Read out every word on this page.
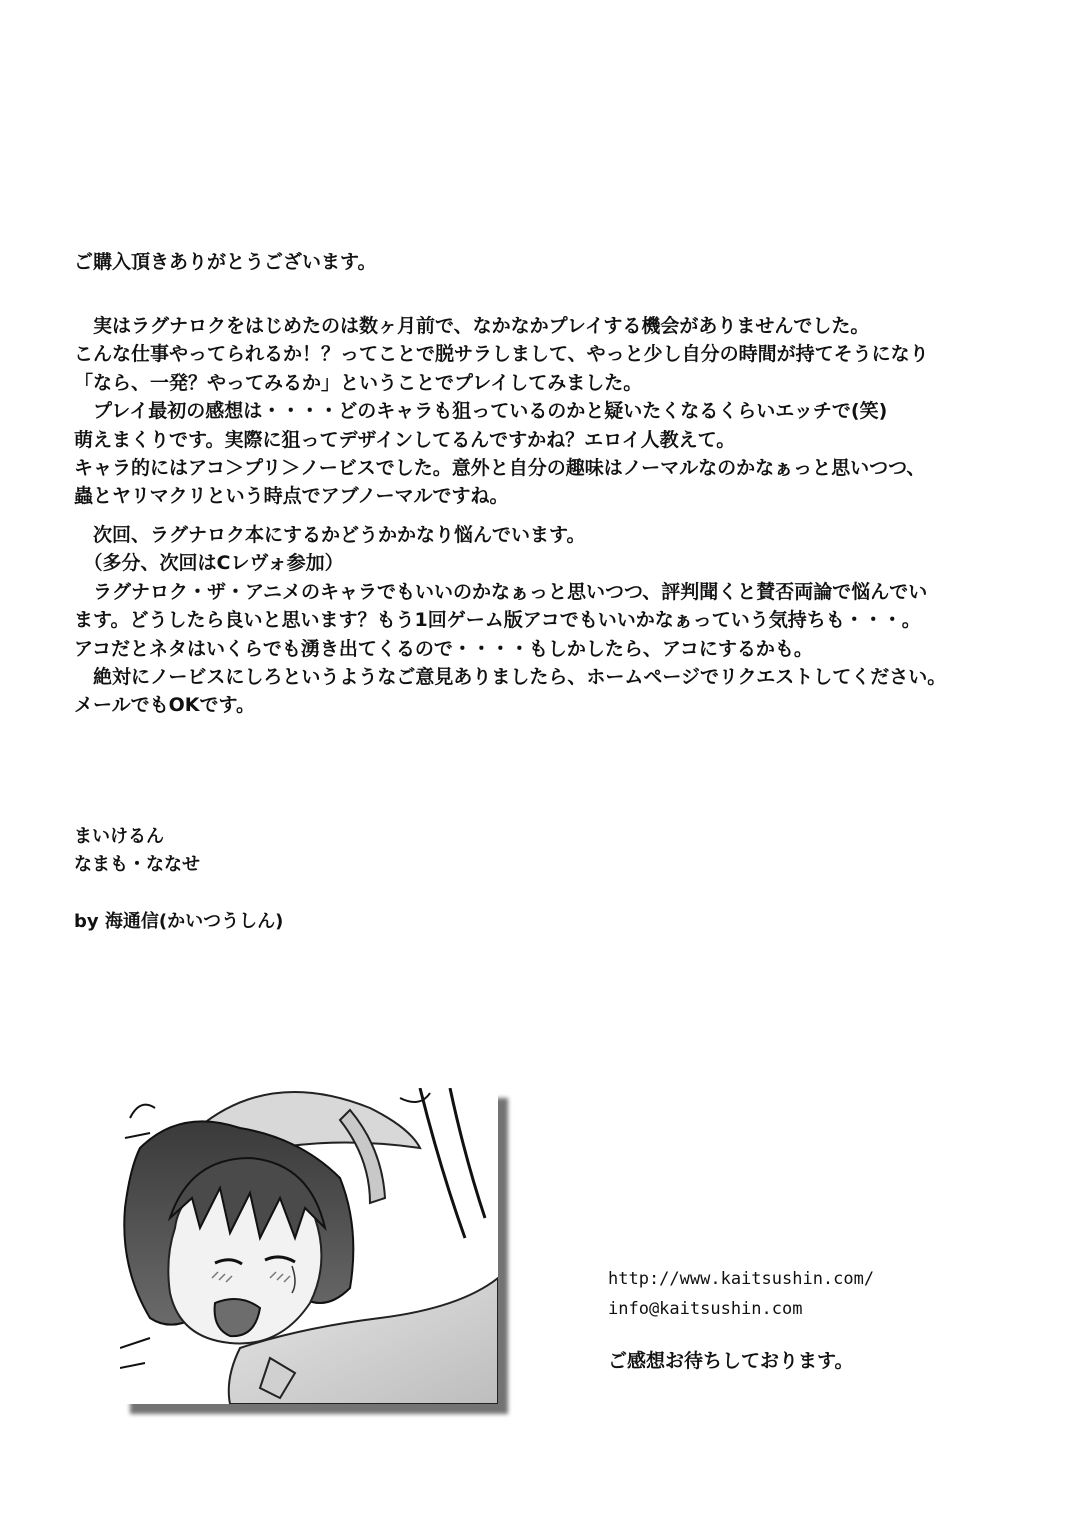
ご購入頂きありがとうございます。
　実はラグナロクをはじめたのは数ヶ月前で、なかなかプレイする機会がありませんでした。
こんな仕事やってられるか！？ってことで脱サラしまして、やっと少し自分の時間が持てそうになり
「なら、一発？やってみるか」ということでプレイしてみました。
　プレイ最初の感想は・・・・どのキャラも狙っているのかと疑いたくなるくらいエッチで(笑)
萌えまくりです。実際に狙ってデザインしてるんですかね？エロイ人教えて。
キャラ的にはアコ＞プリ＞ノービスでした。意外と自分の趣味はノーマルなのかなぁっと思いつつ、
蟲とヤリマクリという時点でアブノーマルですね。
　次回、ラグナロク本にするかどうかかなり悩んでいます。
　（多分、次回はCレヴォ参加）
　ラグナロク・ザ・アニメのキャラでもいいのかなぁっと思いつつ、評判聞くと賛否両論で悩んでい
ます。どうしたら良いと思います？もう1回ゲーム版アコでもいいかなぁっていう気持ちも・・・。
アコだとネタはいくらでも湧き出てくるので・・・・もしかしたら、アコにするかも。
　絶対にノービスにしろというようなご意見ありましたら、ホームページでリクエストしてください。
メールでもOKです。
まいけるん
なまも・ななせ
by 海通信(かいつうしん)
http://www.kaitsushin.com/
info@kaitsushin.com
ご感想お待ちしております。
